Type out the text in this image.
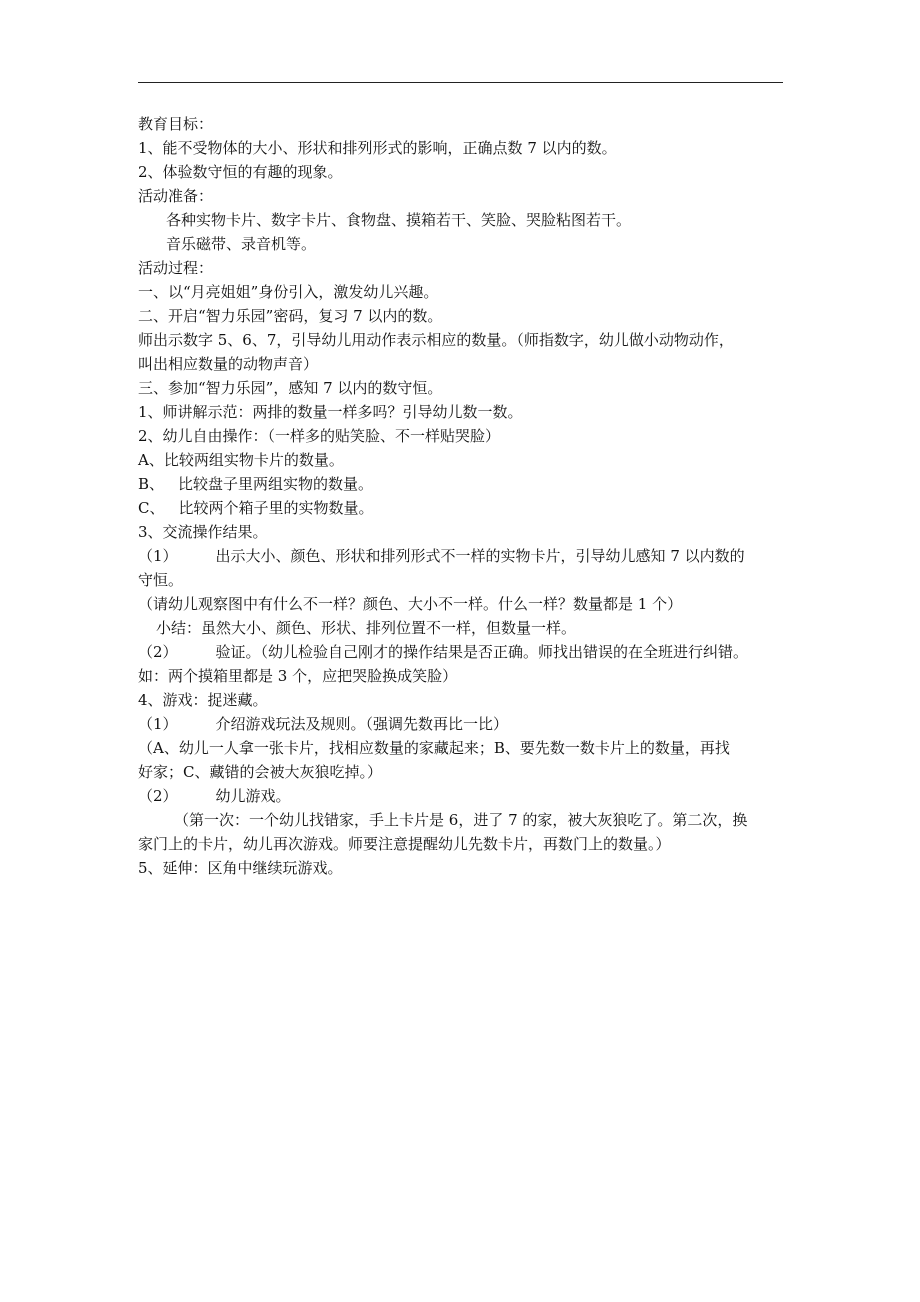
教育目标：
1、能不受物体的大小、形状和排列形式的影响，正确点数 7 以内的数。
2、体验数守恒的有趣的现象。
活动准备：
各种实物卡片、数字卡片、食物盘、摸箱若干、笑脸、哭脸粘图若干。
音乐磁带、录音机等。
活动过程：
一、以“月亮姐姐”身份引入，激发幼儿兴趣。
二、开启“智力乐园”密码，复习 7 以内的数。
师出示数字 5、6、7，引导幼儿用动作表示相应的数量。（师指数字，幼儿做小动物动作，
叫出相应数量的动物声音）
三、参加“智力乐园”，感知 7 以内的数守恒。
1、师讲解示范：两排的数量一样多吗？引导幼儿数一数。
2、幼儿自由操作：（一样多的贴笑脸、不一样贴哭脸）
A、比较两组实物卡片的数量。
B、 比较盘子里两组实物的数量。
C、 比较两个箱子里的实物数量。
3、交流操作结果。
（1）	出示大小、颜色、形状和排列形式不一样的实物卡片，引导幼儿感知 7 以内数的
守恒。
（请幼儿观察图中有什么不一样？颜色、大小不一样。什么一样？数量都是 1 个）
小结：虽然大小、颜色、形状、排列位置不一样，但数量一样。
（2）	验证。（幼儿检验自己刚才的操作结果是否正确。师找出错误的在全班进行纠错。
如：两个摸箱里都是 3 个，应把哭脸换成笑脸）
4、游戏：捉迷藏。
（1）	介绍游戏玩法及规则。（强调先数再比一比）
（A、幼儿一人拿一张卡片，找相应数量的家藏起来；B、要先数一数卡片上的数量，再找
好家；C、藏错的会被大灰狼吃掉。）
（2）	幼儿游戏。
（第一次：一个幼儿找错家，手上卡片是 6，进了 7 的家，被大灰狼吃了。第二次，换
家门上的卡片，幼儿再次游戏。师要注意提醒幼儿先数卡片，再数门上的数量。）
5、延伸：区角中继续玩游戏。
